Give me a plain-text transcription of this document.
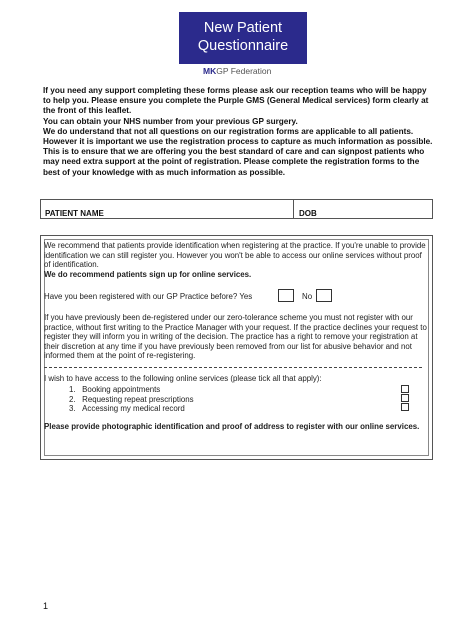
New Patient
Questionnaire
MKGP Federation

If you need any support completing these forms please ask our reception teams who will be happy to help you. Please ensure you complete the Purple GMS (General Medical services) form clearly at the front of this leaflet.

You can obtain your NHS number from your previous GP surgery.

We do understand that not all questions on our registration forms are applicable to all patients. However it is important we use the registration process to capture as much information as possible. This is to ensure that we are offering you the best standard of care and can signpost patients who may need extra support at the point of registration. Please complete the registration forms to the best of your knowledge with as much information as possible.

PATIENT NAME	DOB
We recommend that patients provide identification when registering at the practice. If you're unable to provide identification we can still register you. However you won't be able to access our online services without proof of identification.
We do recommend patients sign up for online services.
Have you been registered with our GP Practice before? Yes	No
If you have previously been de-registered under our zero-tolerance scheme you must not register with our practice, without first writing to the Practice Manager with your request. If the practice declines your request to register they will inform you in writing of the decision. The practice has a right to remove your registration at their discretion at any time if you have previously been removed from our list for abusive behavior and not informed them at the point of re-registering.
I wish to have access to the following online services (please tick all that apply):
1. Booking appointments
2. Requesting repeat prescriptions
3. Accessing my medical record
Please provide photographic identification and proof of address to register with our online services.
1
